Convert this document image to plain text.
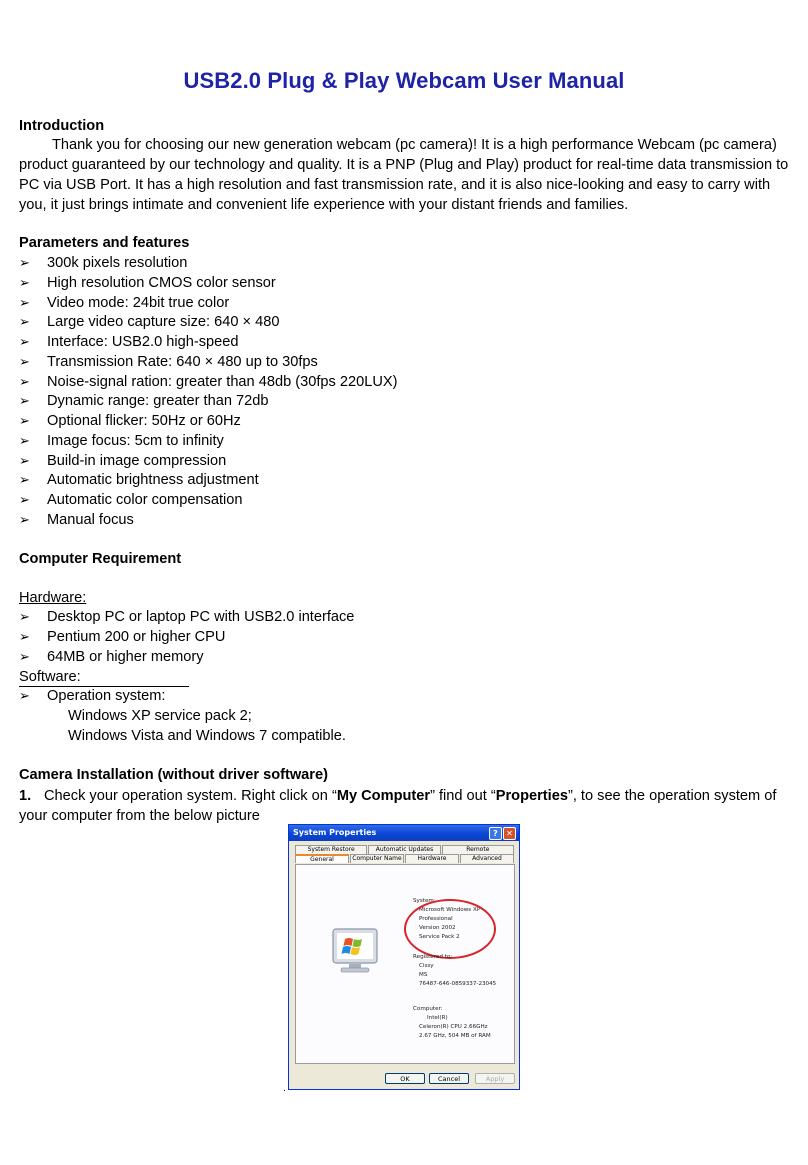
USB2.0 Plug & Play Webcam User Manual
Introduction
Thank you for choosing our new generation webcam (pc camera)! It is a high performance Webcam (pc camera) product guaranteed by our technology and quality. It is a PNP (Plug and Play) product for real-time data transmission to PC via USB Port. It has a high resolution and fast transmission rate, and it is also nice-looking and easy to carry with you, it just brings intimate and convenient life experience with your distant friends and families.
Parameters and features
➢ 300k pixels resolution
➢ High resolution CMOS color sensor
➢ Video mode: 24bit true color
➢ Large video capture size: 640 × 480
➢ Interface: USB2.0 high-speed
➢ Transmission Rate: 640 × 480 up to 30fps
➢ Noise-signal ration: greater than 48db (30fps 220LUX)
➢ Dynamic range: greater than 72db
➢ Optional flicker: 50Hz or 60Hz
➢ Image focus: 5cm to infinity
➢ Build-in image compression
➢ Automatic brightness adjustment
➢ Automatic color compensation
➢ Manual focus
Computer Requirement
Hardware:
➢ Desktop PC or laptop PC with USB2.0 interface
➢ Pentium 200 or higher CPU
➢ 64MB or higher memory
Software:
➢ Operation system:
Windows XP service pack 2;
Windows Vista and Windows 7 compatible.
Camera Installation (without driver software)
1. Check your operation system. Right click on “My Computer” find out “Properties”, to see the operation system of your computer from the below picture
System Properties	?	✕
System Restore	Automatic Updates	Remote
General	Computer Name	Hardware	Advanced
System:
Microsoft Windows XP
Professional
Version 2002
Service Pack 2
Registered to:
Cissy
MS
76487-646-0859337-23045
Computer:
Intel(R)
Celeron(R) CPU 2.66GHz
2.67 GHz, 504 MB of RAM
OK	Cancel	Apply
.
